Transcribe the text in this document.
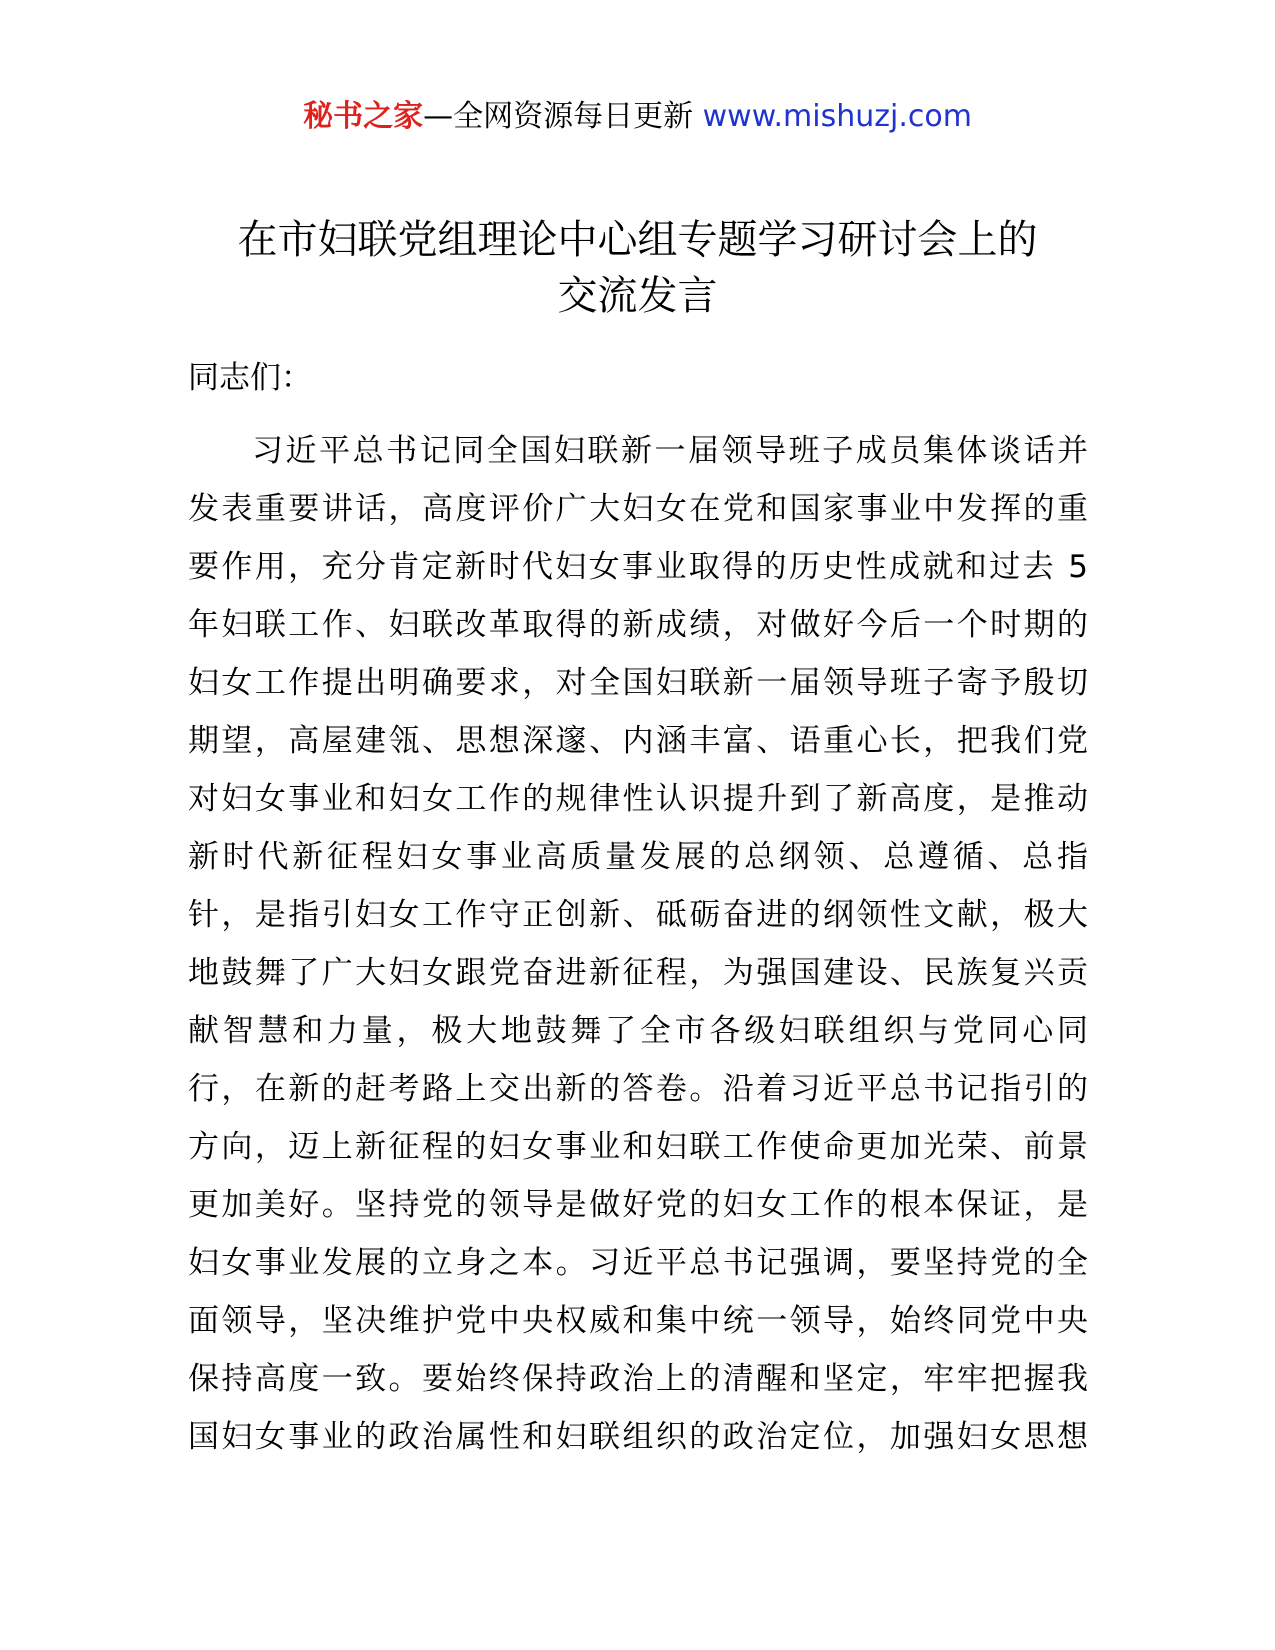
秘书之家—全网资源每日更新 www.mishuzj.com
在市妇联党组理论中心组专题学习研讨会上的
交流发言
同志们：
习近平总书记同全国妇联新一届领导班子成员集体谈话并
发表重要讲话，高度评价广大妇女在党和国家事业中发挥的重
要作用，充分肯定新时代妇女事业取得的历史性成就和过去 5
年妇联工作、妇联改革取得的新成绩，对做好今后一个时期的
妇女工作提出明确要求，对全国妇联新一届领导班子寄予殷切
期望，高屋建瓴、思想深邃、内涵丰富、语重心长，把我们党
对妇女事业和妇女工作的规律性认识提升到了新高度，是推动
新时代新征程妇女事业高质量发展的总纲领、总遵循、总指
针，是指引妇女工作守正创新、砥砺奋进的纲领性文献，极大
地鼓舞了广大妇女跟党奋进新征程，为强国建设、民族复兴贡
献智慧和力量，极大地鼓舞了全市各级妇联组织与党同心同
行，在新的赶考路上交出新的答卷。沿着习近平总书记指引的
方向，迈上新征程的妇女事业和妇联工作使命更加光荣、前景
更加美好。坚持党的领导是做好党的妇女工作的根本保证，是
妇女事业发展的立身之本。习近平总书记强调，要坚持党的全
面领导，坚决维护党中央权威和集中统一领导，始终同党中央
保持高度一致。要始终保持政治上的清醒和坚定，牢牢把握我
国妇女事业的政治属性和妇联组织的政治定位，加强妇女思想
